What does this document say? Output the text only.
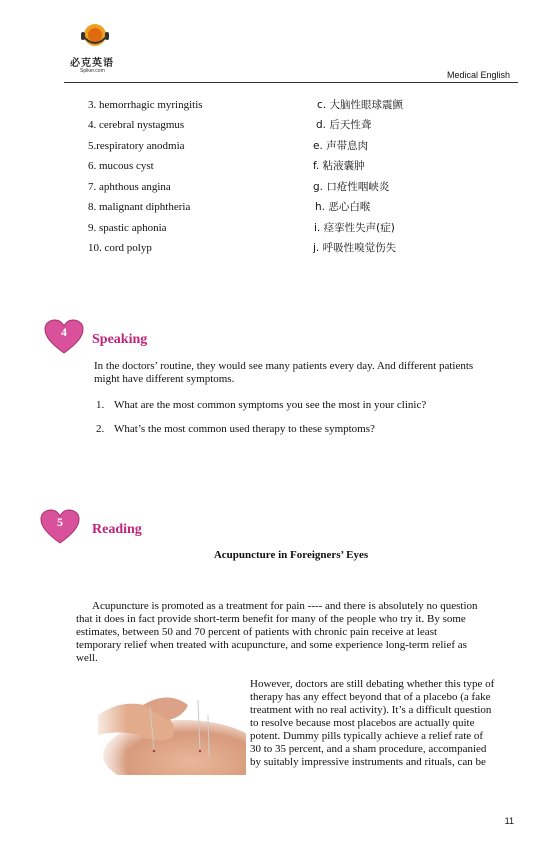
必克英语
Spiker.com	Medical English
3. hemorrhagic myringitis	c. 大脑性眼球震颤
4. cerebral nystagmus	d. 后天性聋
5.respiratory anodmia	e. 声带息肉
6. mucous cyst	f. 粘液囊肿
7. aphthous angina	g. 口疮性咽峡炎
8. malignant diphtheria	h. 恶心白喉
9. spastic aphonia	i. 痉挛性失声(症)
10. cord polyp	j. 呼吸性嗅觉伤失
4	Speaking
In the doctors’ routine, they would see many patients every day. And different patients
might have different symptoms.
1. What are the most common symptoms you see the most in your clinic?
2. What’s the most common used therapy to these symptoms?
5	Reading
Acupuncture in Foreigners’ Eyes
Acupuncture is promoted as a treatment for pain ---- and there is absolutely no question
that it does in fact provide short-term benefit for many of the people who try it. By some
estimates, between 50 and 70 percent of patients with chronic pain receive at least
temporary relief when treated with acupuncture, and some experience long-term relief as
well.
However, doctors are still debating whether this type of
therapy has any effect beyond that of a placebo (a fake
treatment with no real activity). It’s a difficult question
to resolve because most placebos are actually quite
potent. Dummy pills typically achieve a relief rate of
30 to 35 percent, and a sham procedure, accompanied
by suitably impressive instruments and rituals, can be
11
